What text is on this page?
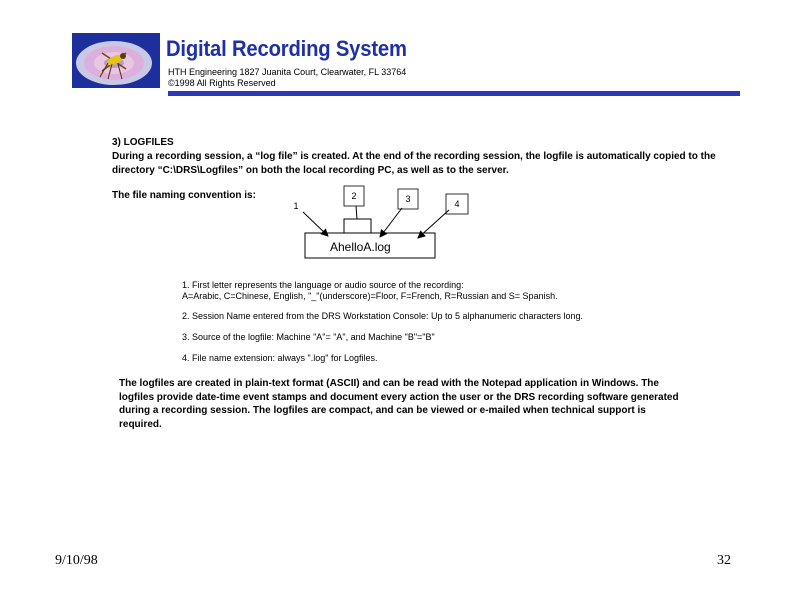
Digital Recording System
HTH Engineering 1827 Juanita Court, Clearwater, FL 33764
©1998 All Rights Reserved
3) LOGFILES

During a recording session, a “log file” is created. At the end of the recording session, the logfile is automatically copied to the directory “C:\DRS\Logfiles” on both the local recording PC, as well as to the server.

The file naming convention is:
AhelloA.log
1
2	3	4

1. First letter represents the language or audio source of the recording:

A=Arabic, C=Chinese, English, "_"(underscore)=Floor, F=French, R=Russian and S= Spanish.

2. Session Name entered from the DRS Workstation Console: Up to 5 alphanumeric characters long.

3. Source of the logfile: Machine "A"= "A", and Machine "B"="B"

4. File name extension: always ".log" for Logfiles.

The logfiles are created in plain-text format (ASCII) and can be read with the Notepad application in Windows. The logfiles provide date-time event stamps and document every action the user or the DRS recording software generated during a recording session. The logfiles are compact, and can be viewed or e-mailed when technical support is required.

9/10/98	32
